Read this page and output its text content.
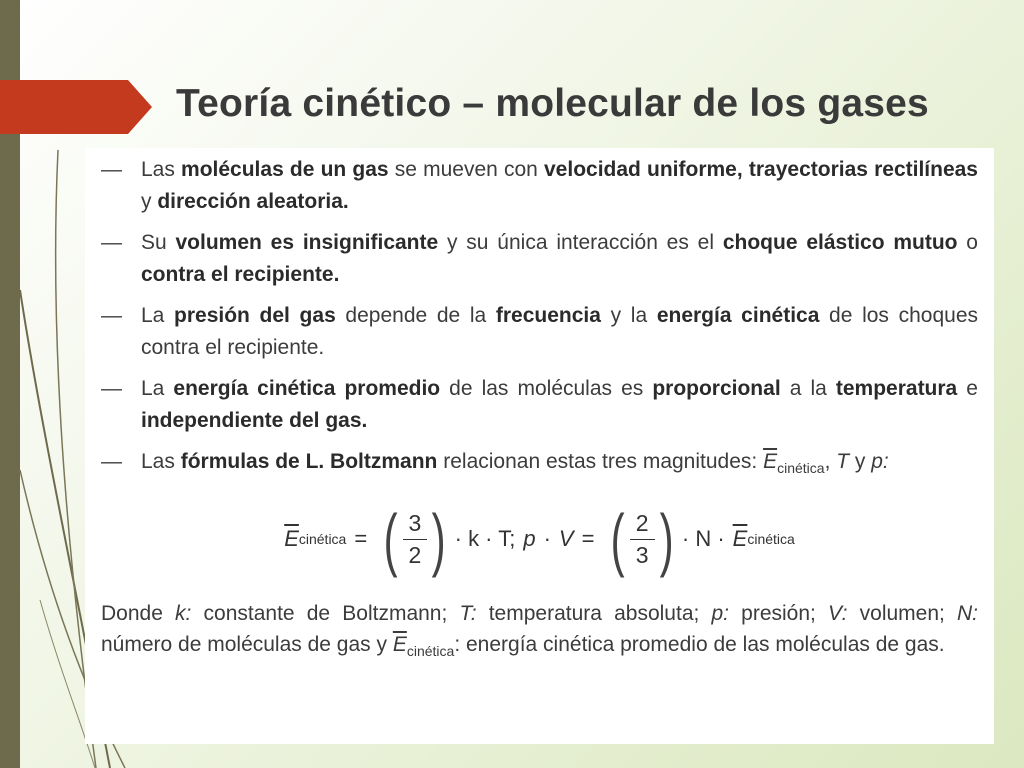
Teoría cinético – molecular de los gases
— Las moléculas de un gas se mueven con velocidad uniforme, trayectorias rectilíneas y dirección aleatoria.
— Su volumen es insignificante y su única interacción es el choque elástico mutuo o contra el recipiente.
— La presión del gas depende de la frecuencia y la energía cinética de los choques contra el recipiente.
— La energía cinética promedio de las moléculas es proporcional a la temperatura e independiente del gas.
— Las fórmulas de L. Boltzmann relacionan estas tres magnitudes: $\overline{E}_{cinética}$, T y p:
$\overline{E}$ cinética = ( $\frac{3}{2}$ ) · k · T; p · V = ( $\frac{2}{3}$ ) · $N \cdot \overline{E}$ cinética
Donde k: constante de Boltzmann; T: temperatura absoluta; p: presión; V: volumen; N: número de moléculas de gas y $\overline{E}_{cinética}$: energía cinética promedio de las moléculas de gas.
